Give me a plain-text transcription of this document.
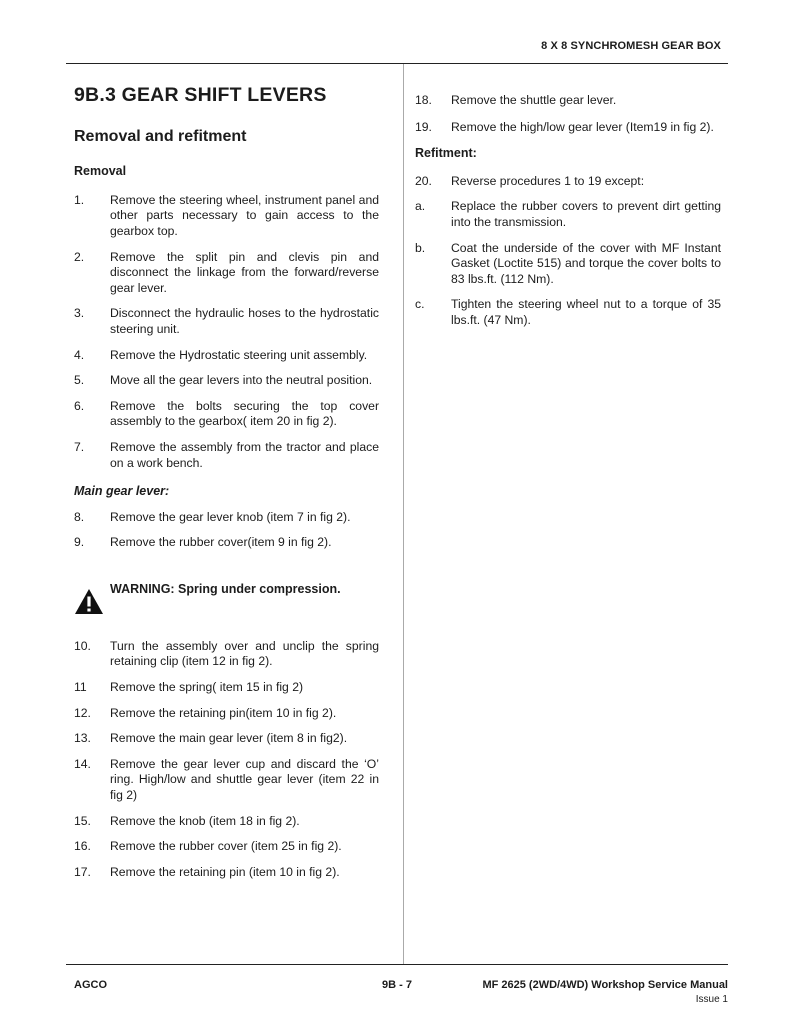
8 X 8 SYNCHROMESH GEAR BOX
9B.3 GEAR SHIFT LEVERS
Removal and refitment
Removal
1. Remove the steering wheel, instrument panel and other parts necessary to gain access to the gearbox top.
2. Remove the split pin and clevis pin and disconnect the linkage from the forward/reverse gear lever.
3. Disconnect the hydraulic hoses to the hydrostatic steering unit.
4. Remove the Hydrostatic steering unit assembly.
5. Move all the gear levers into the neutral position.
6. Remove the bolts securing the top cover assembly to the gearbox( item 20 in fig 2).
7. Remove the assembly from the tractor and place on a work bench.
Main gear lever:
8. Remove the gear lever knob (item 7 in fig 2).
9. Remove the rubber cover(item 9 in fig 2).
WARNING: Spring under compression.
10. Turn the assembly over and unclip the spring retaining clip (item 12 in fig 2).
11 Remove the spring( item 15 in fig 2)
12. Remove the retaining pin(item 10 in fig 2).
13. Remove the main gear lever (item 8 in fig2).
14. Remove the gear lever cup and discard the ‘O’ ring. High/low and shuttle gear lever (item 22 in fig 2)
15. Remove the knob (item 18 in fig 2).
16. Remove the rubber cover (item 25 in fig 2).
17. Remove the retaining pin (item 10 in fig 2).
18. Remove the shuttle gear lever.
19. Remove the high/low gear lever (Item19 in fig 2).
Refitment:
20. Reverse procedures 1 to 19 except:
a. Replace the rubber covers to prevent dirt getting into the transmission.
b. Coat the underside of the cover with MF Instant Gasket (Loctite 515) and torque the cover bolts to 83 lbs.ft. (112 Nm).
c. Tighten the steering wheel nut to a torque of 35 lbs.ft. (47 Nm).
AGCO	9B - 7	MF 2625 (2WD/4WD) Workshop Service Manual
Issue 1
